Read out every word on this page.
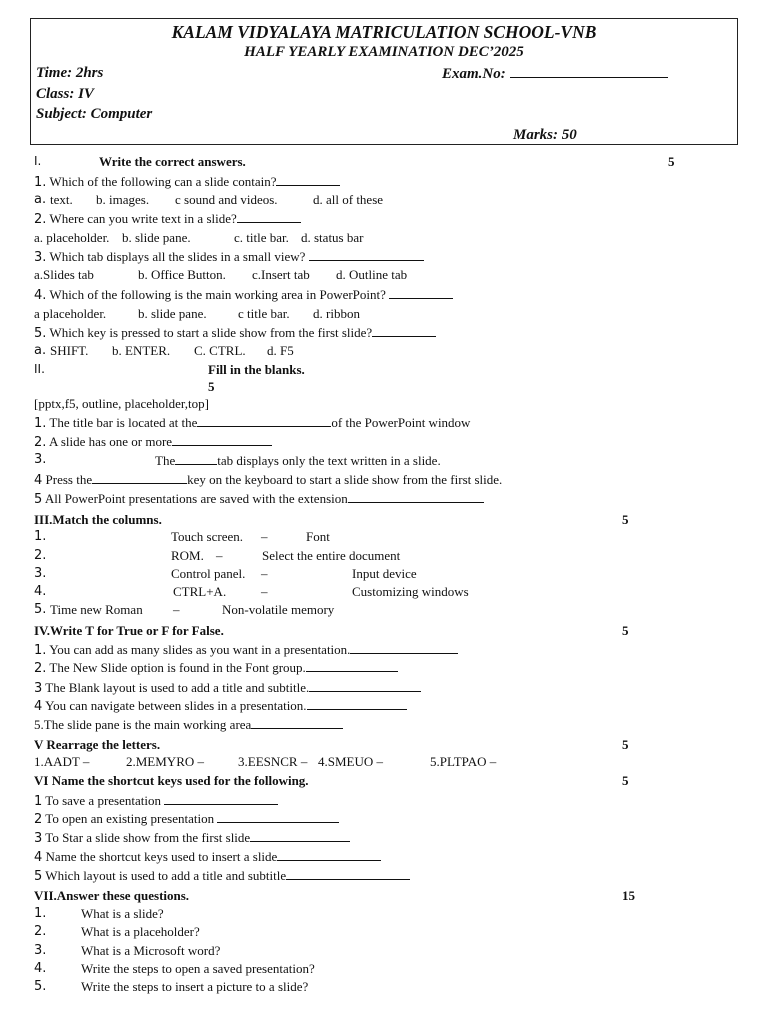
KALAM VIDYALAYA MATRICULATION SCHOOL-VNB
HALF YEARLY EXAMINATION DEC’2025
Time: 2hrs	Exam.No:
Class: IV
Subject: Computer
Marks: 50
I.	Write the correct answers.	5
1. Which of the following can a slide contain?
a. text. b. images. c sound and videos.	d. all of these
2. Where can you write text in a slide?
a. placeholder. b. slide pane.	c. title bar. d. status bar
3. Which tab displays all the slides in a small view?
a.Slides tab	b. Office Button. c.Insert tab d. Outline tab
4. Which of the following is the main working area in PowerPoint?
a placeholder. b. slide pane. c title bar. d. ribbon
5. Which key is pressed to start a slide show from the first slide?
a. SHIFT. b. ENTER. C. CTRL. d. F5
II.	Fill in the blanks.
5
[pptx,f5, outline, placeholder,top]
1. The title bar is located at the	of the PowerPoint window
2. A slide has one or more
3.	The	tab displays only the text written in a slide.
4 Press the	key on the keyboard to start a slide show from the first slide.
5 All PowerPoint presentations are saved with the extension
III.Match the columns.	5
1.	Touch screen. –	Font
2.	ROM. –	Select the entire document
3.	Control panel. –	Input device
4.	CTRL+A.	–	Customizing windows
5. Time new Roman –	Non-volatile memory
IV.Write T for True or F for False.	5
1. You can add as many slides as you want in a presentation.
2. The New Slide option is found in the Font group.
3 The Blank layout is used to add a title and subtitle.
4 You can navigate between slides in a presentation.
5.The slide pane is the main working area
V Rearrage the letters.	5
1.AADT –	2.MEMYRO –	3.EESNCR – 4.SMEUO –	5.PLTPAO –
VI Name the shortcut keys used for the following.	5
1 To save a presentation
2 To open an existing presentation
3 To Star a slide show from the first slide
4 Name the shortcut keys used to insert a slide
5 Which layout is used to add a title and subtitle
VII.Answer these questions.	15
1.	What is a slide?
2.	What is a placeholder?
3.	What is a Microsoft word?
4.	Write the steps to open a saved presentation?
5.	Write the steps to insert a picture to a slide?
